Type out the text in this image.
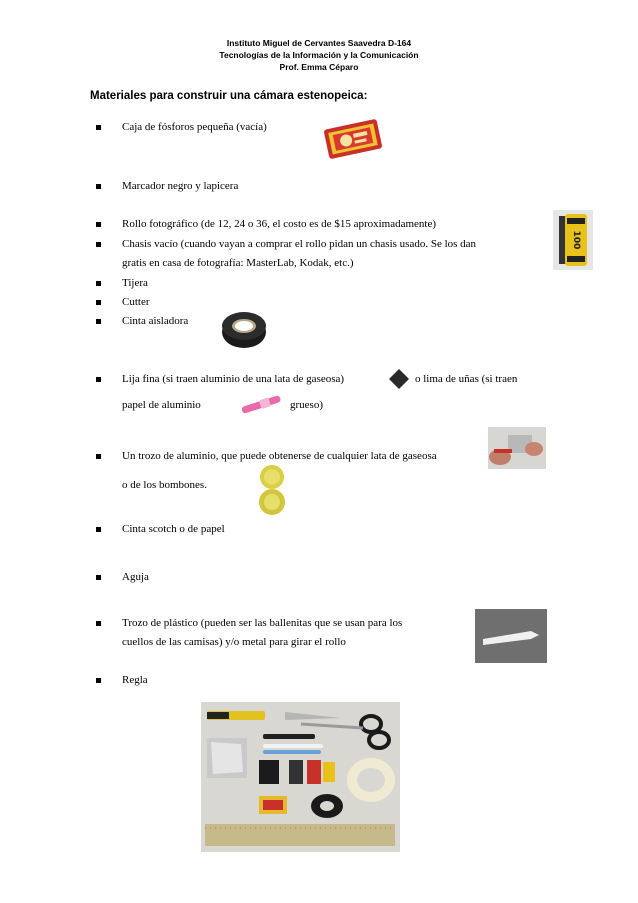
Instituto Miguel de Cervantes Saavedra D-164
Tecnologías de la Información y la Comunicación
Prof. Emma Céparo
Materiales para construir una cámara estenopeica:
Caja de fósforos pequeña (vacía)
Marcador negro y lapicera
Rollo fotográfico (de 12, 24 o 36, el costo es de $15 aproximadamente)
100
Chasis vacío (cuando vayan a comprar el rollo pidan un chasis usado. Se los dan
gratis en casa de fotografía: MasterLab, Kodak, etc.)
Tijera
Cutter
Cinta aisladora
Lija fina (si traen aluminio de una lata de gaseosa)	o lima de uñas (si traen
papel de aluminio	grueso)
Un trozo de aluminio, que puede obtenerse de cualquier lata de gaseosa
o de los bombones.
Cinta scotch o de papel
Aguja
Trozo de plástico (pueden ser las ballenitas que se usan para los
cuellos de las camisas) y/o metal para girar el rollo
Regla
